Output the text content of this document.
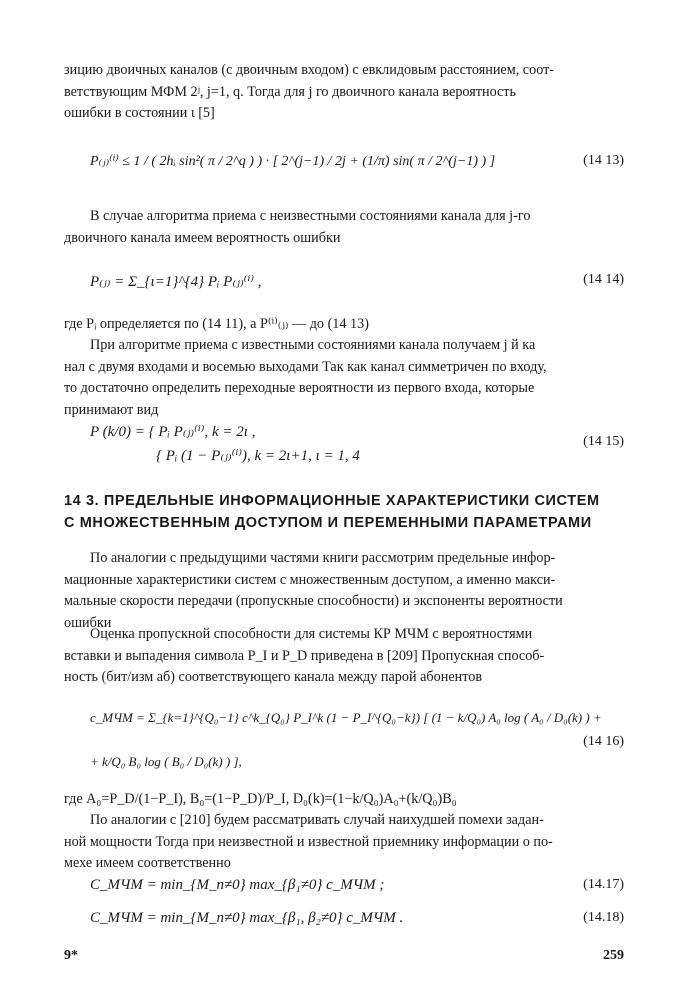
зицию двоичных каналов (с двоичным входом) с евклидовым расстоянием, соот-
ветствующим МФМ 2ʲ, j=1, q. Тогда для j го двоичного канала вероятность
ошибки в состоянии ι [5]
P₍ⱼ₎⁽ⁱ⁾ ≤ 1 / ( 2hᵢ sin²( π / 2^q ) ) · [ 2^(j−1) / 2j + (1/π) sin( π / 2^(j−1) ) ]	(14 13)
В случае алгоритма приема с неизвестными состояниями канала для j-го
двоичного канала имеем вероятность ошибки
P₍ⱼ₎ = Σ_{ι=1}^{4} Pᵢ P₍ⱼ₎⁽ⁱ⁾ ,	(14 14)
где Pᵢ определяется по (14 11), а P⁽ⁱ⁾₍ⱼ₎ — до (14 13)
При алгоритме приема с известными состояниями канала получаем j й ка
нал с двумя входами и восемью выходами Так как канал симметричен по входу,
то достаточно определить переходные вероятности из первого входа, которые
принимают вид
P (k/0) = { Pᵢ P₍ⱼ₎⁽ⁱ⁾, k = 2ι ,
{ Pᵢ (1 − P₍ⱼ₎⁽ⁱ⁾), k = 2ι+1, ι = 1, 4
(14 15)
14 3. ПРЕДЕЛЬНЫЕ ИНФОРМАЦИОННЫЕ ХАРАКТЕРИСТИКИ СИСТЕМ
С МНОЖЕСТВЕННЫМ ДОСТУПОМ И ПЕРЕМЕННЫМИ ПАРАМЕТРАМИ
По аналогии с предыдущими частями книги рассмотрим предельные инфор-
мационные характеристики систем с множественным доступом, а именно макси-
мальные скорости передачи (пропускные способности) и экспоненты вероятности
ошибки
Оценка пропускной способности для системы КР МЧМ с вероятностями
вставки и выпадения символа P_I и P_D приведена в [209] Пропускная способ-
ность (бит/изм аб) соответствующего канала между парой абонентов
c_МЧМ = Σ_{k=1}^{Q₀−1} c^k_{Q₀} P_I^k (1 − P_I^{Q₀−k}) [ (1 − k/Q₀) A₀ log ( A₀ / D₀(k) ) +
+ k/Q₀ B₀ log ( B₀ / D₀(k) ) ],
(14 16)
где A₀=P_D/(1−P_I), B₀=(1−P_D)/P_I, D₀(k)=(1−k/Q₀)A₀+(k/Q₀)B₀
По аналогии с [210] будем рассматривать случай наихудшей помехи задан-
ной мощности Тогда при неизвестной и известной приемнику информации о по-
мехе имеем соответственно
C_МЧМ = min_{M_п≠0} max_{β₁≠0} c_МЧМ ;	(14.17)
C_МЧМ = min_{M_п≠0} max_{β₁, β₂≠0} c_МЧМ .	(14.18)
9*	259
